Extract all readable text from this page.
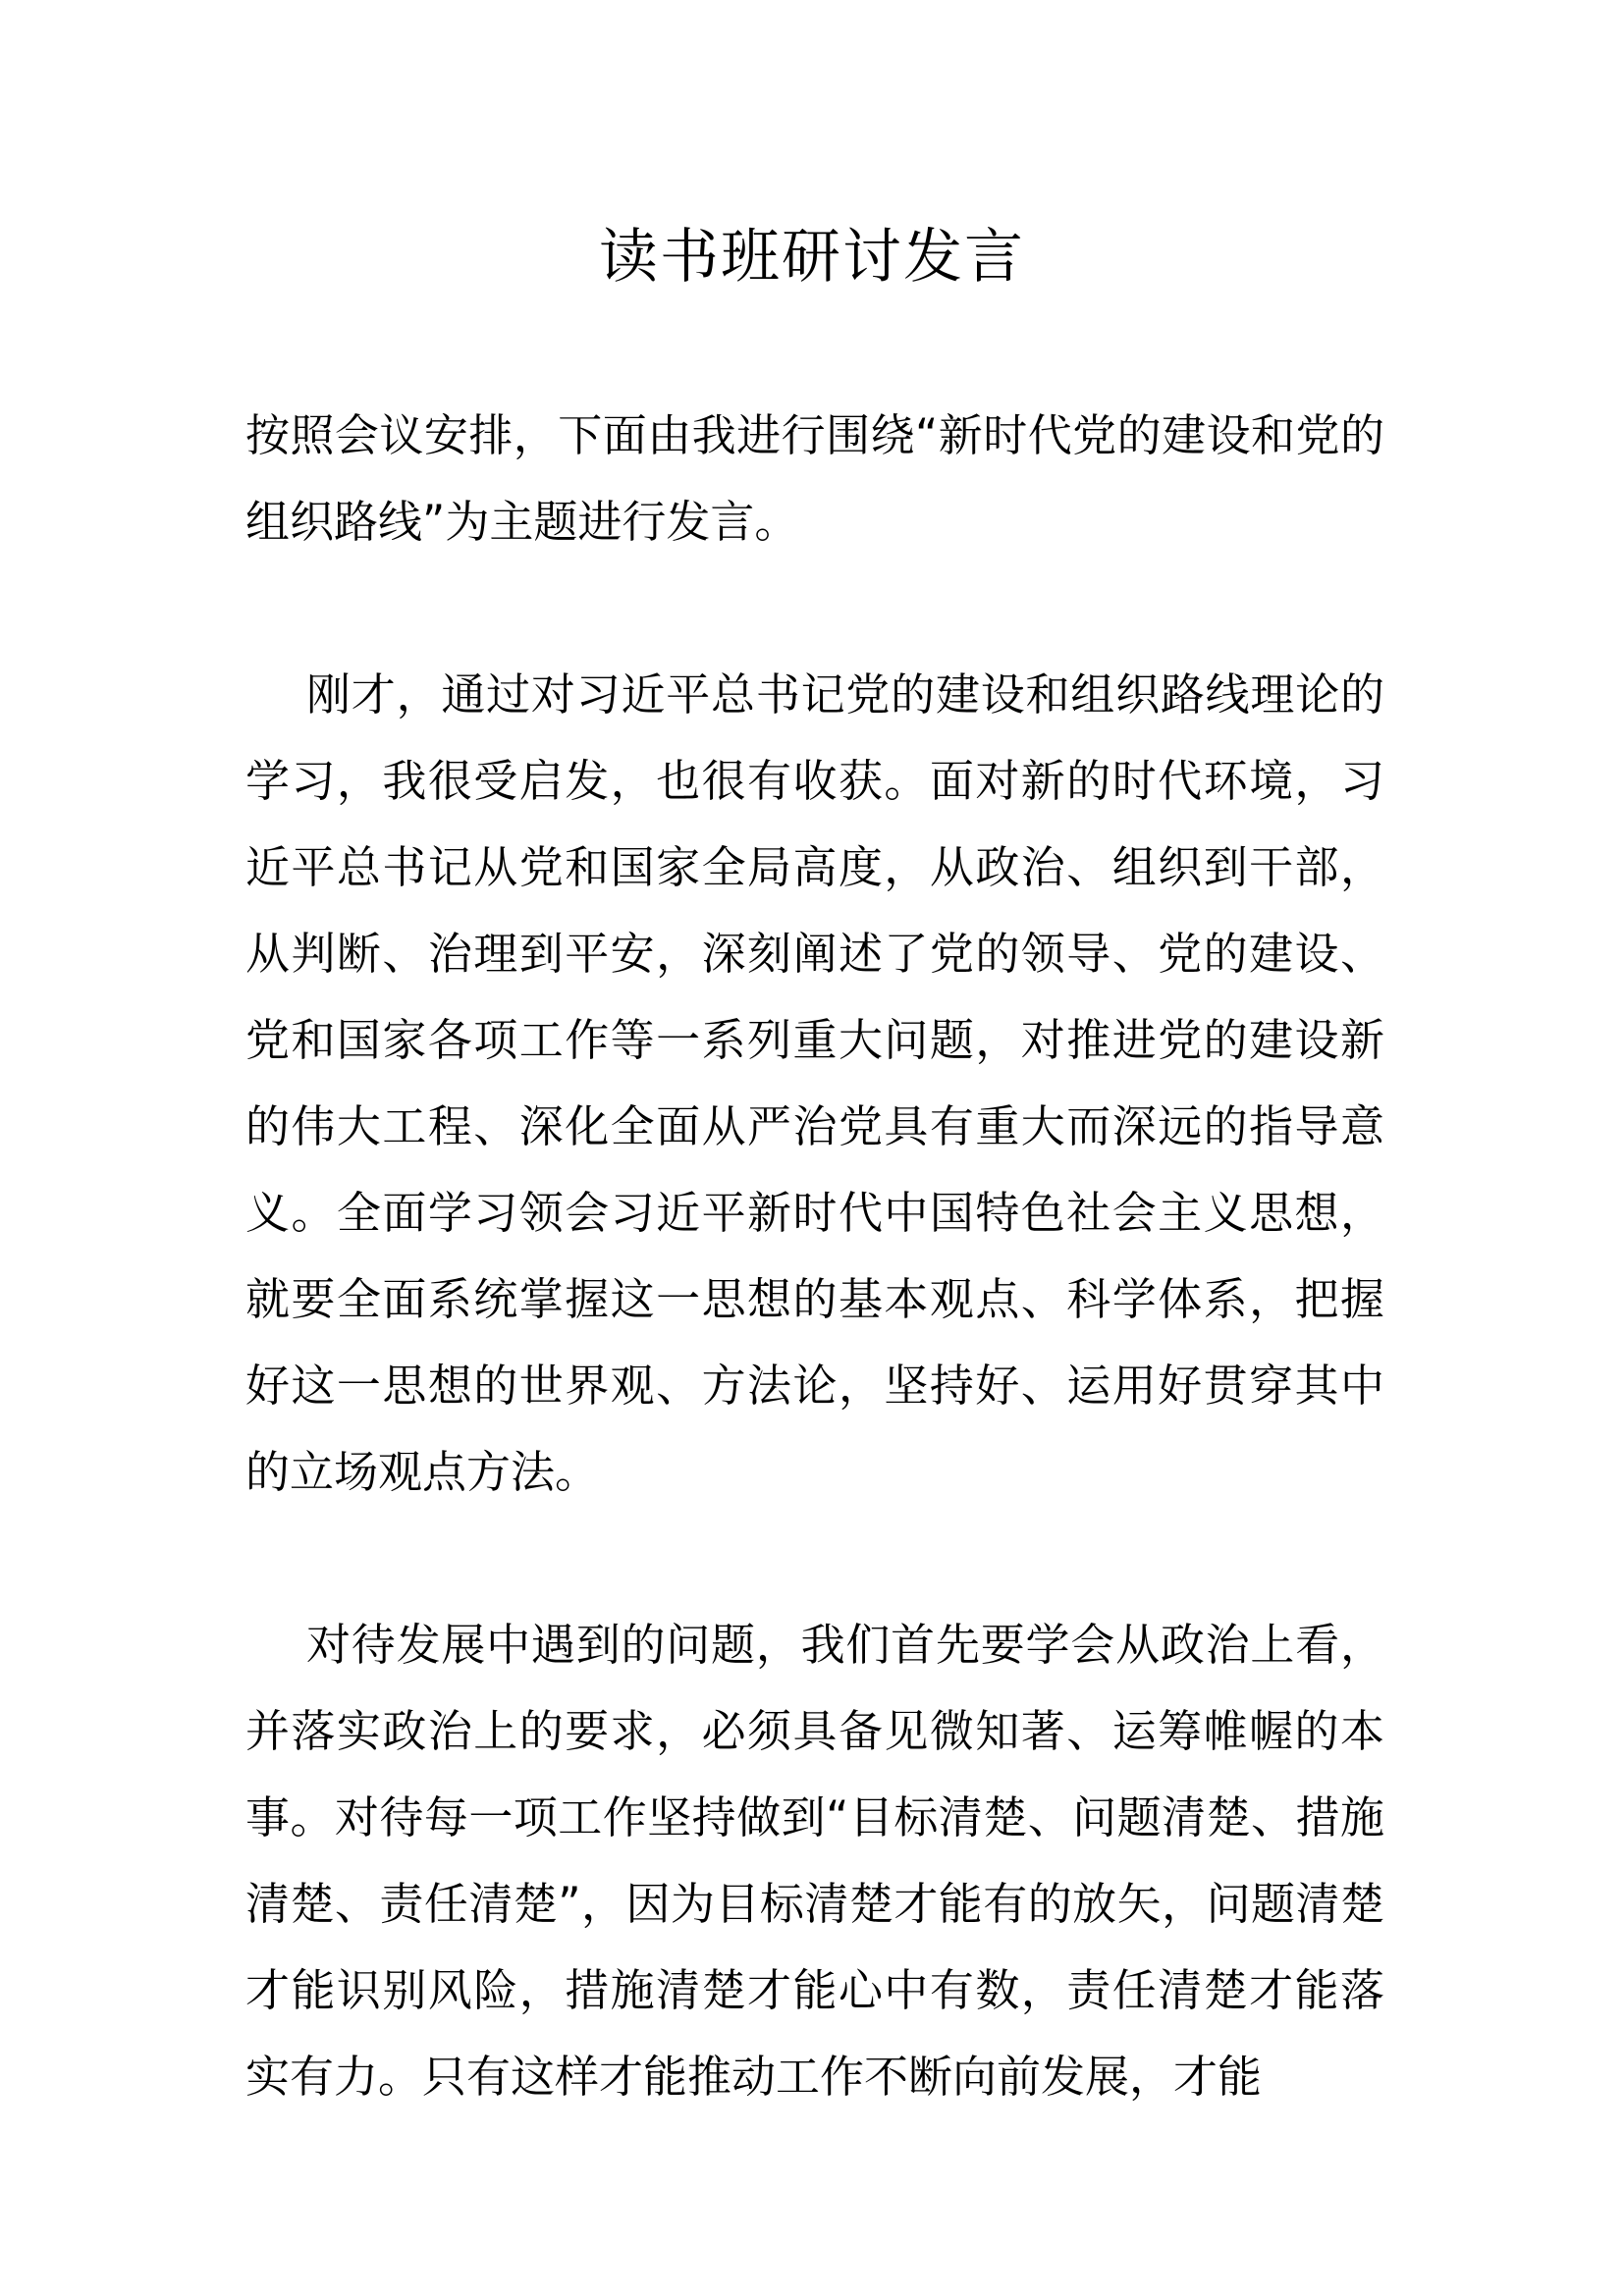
读书班研讨发言

按照会议安排，下面由我进行围绕“新时代党的建设和党的组织路线”为主题进行发言。

刚才，通过对习近平总书记党的建设和组织路线理论的学习，我很受启发，也很有收获。面对新的时代环境，习近平总书记从党和国家全局高度，从政治、组织到干部，从判断、治理到平安，深刻阐述了党的领导、党的建设、党和国家各项工作等一系列重大问题，对推进党的建设新的伟大工程、深化全面从严治党具有重大而深远的指导意义。全面学习领会习近平新时代中国特色社会主义思想，就要全面系统掌握这一思想的基本观点、科学体系，把握好这一思想的世界观、方法论，坚持好、运用好贯穿其中的立场观点方法。

对待发展中遇到的问题，我们首先要学会从政治上看，并落实政治上的要求，必须具备见微知著、运筹帷幄的本事。对待每一项工作坚持做到“目标清楚、问题清楚、措施清楚、责任清楚”，因为目标清楚才能有的放矢，问题清楚才能识别风险，措施清楚才能心中有数，责任清楚才能落实有力。只有这样才能推动工作不断向前发展，才能
